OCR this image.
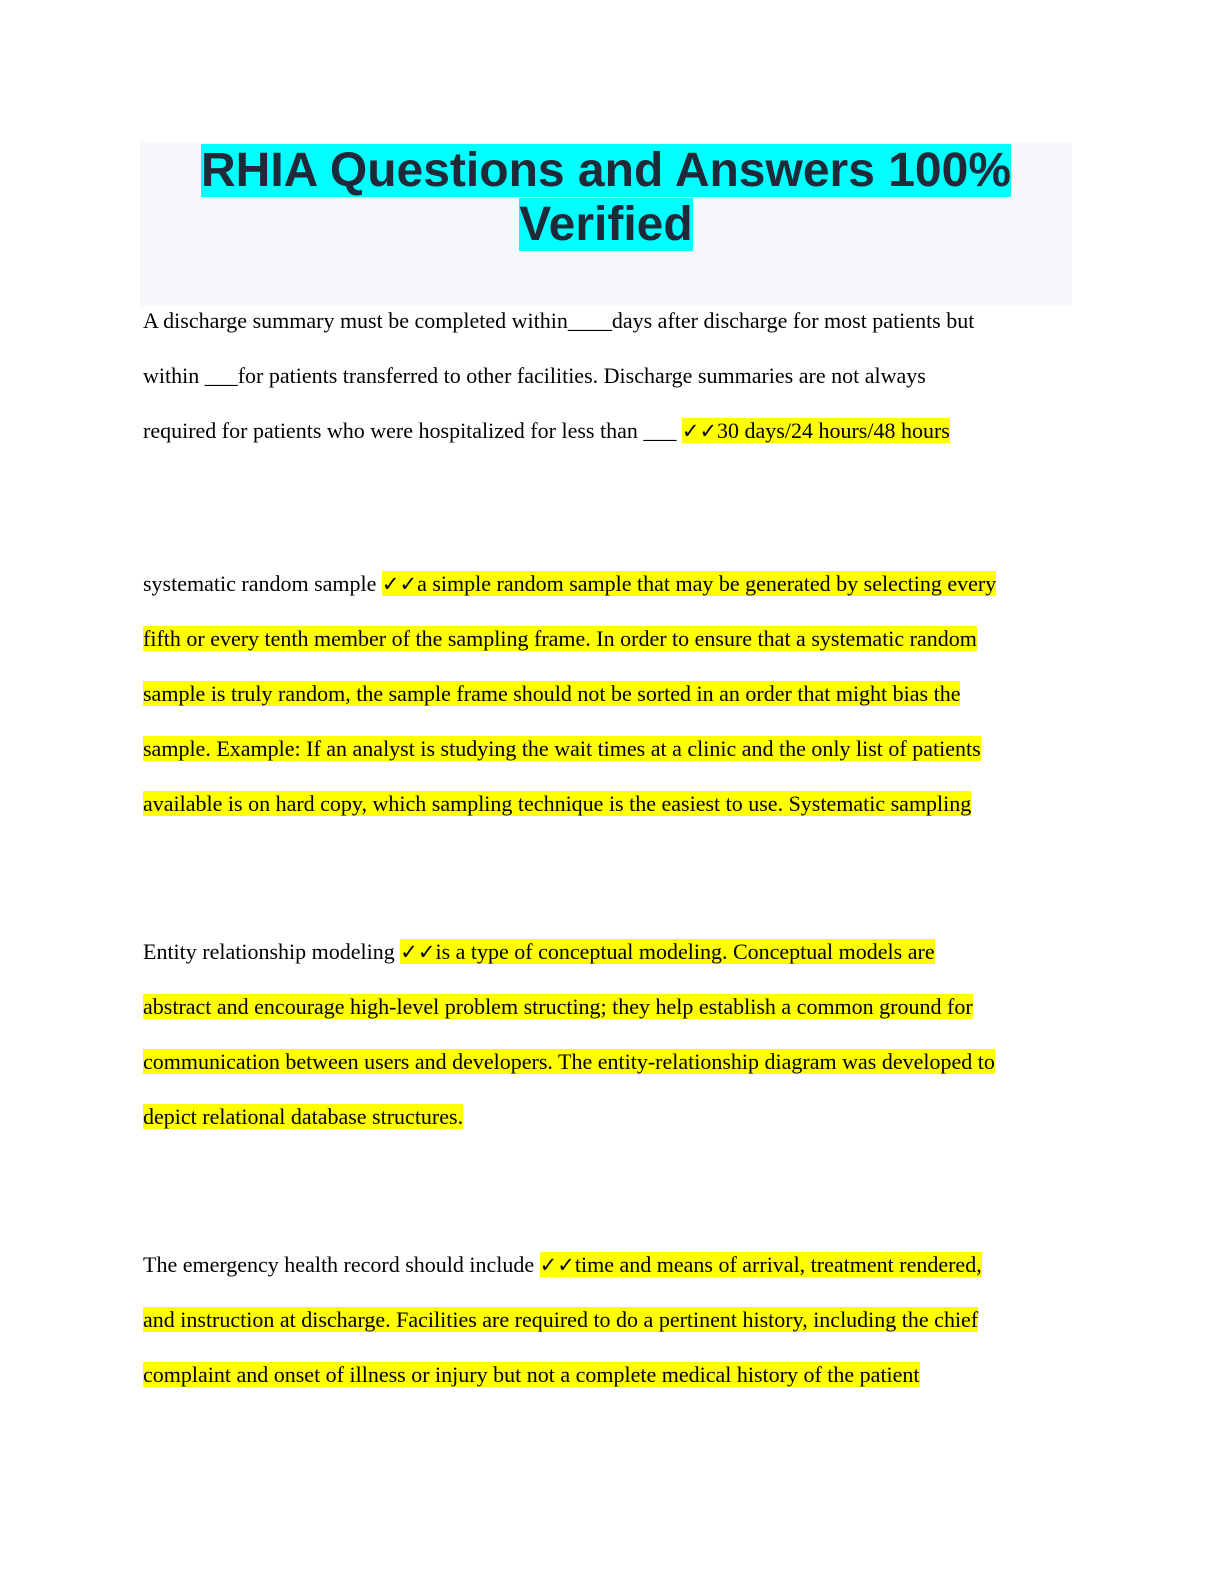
RHIA Questions and Answers 100%
Verified

A discharge summary must be completed within____days after discharge for most patients but
within ___for patients transferred to other facilities. Discharge summaries are not always
required for patients who were hospitalized for less than ___ ✓✓30 days/24 hours/48 hours

systematic random sample ✓✓a simple random sample that may be generated by selecting every
fifth or every tenth member of the sampling frame. In order to ensure that a systematic random
sample is truly random, the sample frame should not be sorted in an order that might bias the
sample. Example: If an analyst is studying the wait times at a clinic and the only list of patients
available is on hard copy, which sampling technique is the easiest to use. Systematic sampling

Entity relationship modeling ✓✓is a type of conceptual modeling. Conceptual models are
abstract and encourage high-level problem structing; they help establish a common ground for
communication between users and developers. The entity-relationship diagram was developed to
depict relational database structures.

The emergency health record should include ✓✓time and means of arrival, treatment rendered,
and instruction at discharge. Facilities are required to do a pertinent history, including the chief
complaint and onset of illness or injury but not a complete medical history of the patient
